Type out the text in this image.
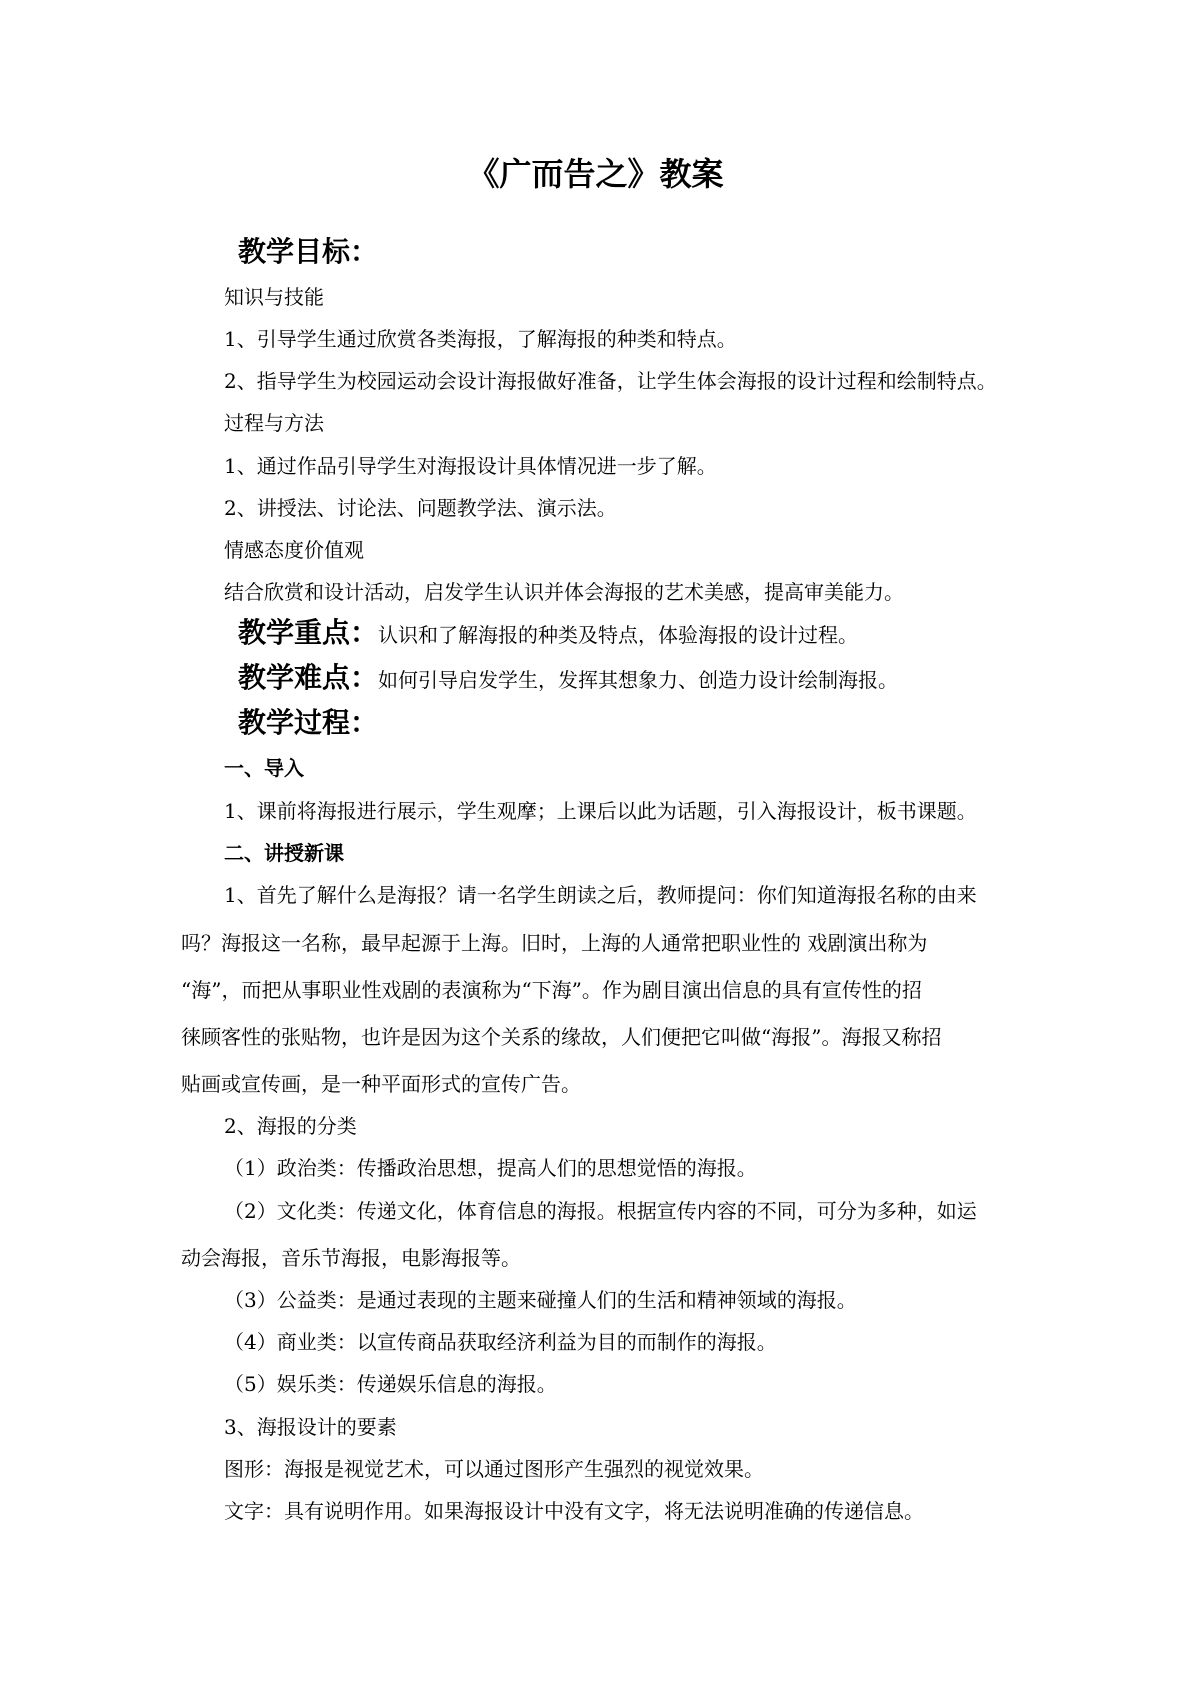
《广而告之》教案
教学目标：
知识与技能
1、引导学生通过欣赏各类海报，了解海报的种类和特点。
2、指导学生为校园运动会设计海报做好准备，让学生体会海报的设计过程和绘制特点。
过程与方法
1、通过作品引导学生对海报设计具体情况进一步了解。
2、讲授法、讨论法、问题教学法、演示法。
情感态度价值观
结合欣赏和设计活动，启发学生认识并体会海报的艺术美感，提高审美能力。
教学重点：认识和了解海报的种类及特点，体验海报的设计过程。
教学难点：如何引导启发学生，发挥其想象力、创造力设计绘制海报。
教学过程：
一、导入
1、课前将海报进行展示，学生观摩；上课后以此为话题，引入海报设计，板书课题。
二、讲授新课
1、首先了解什么是海报？请一名学生朗读之后，教师提问：你们知道海报名称的由来
吗？海报这一名称，最早起源于上海。旧时，上海的人通常把职业性的 戏剧演出称为
“海”，而把从事职业性戏剧的表演称为“下海”。作为剧目演出信息的具有宣传性的招
徕顾客性的张贴物，也许是因为这个关系的缘故，人们便把它叫做“海报”。海报又称招
贴画或宣传画，是一种平面形式的宣传广告。
2、海报的分类
（1）政治类：传播政治思想，提高人们的思想觉悟的海报。
（2）文化类：传递文化，体育信息的海报。根据宣传内容的不同，可分为多种，如运
动会海报，音乐节海报，电影海报等。
（3）公益类：是通过表现的主题来碰撞人们的生活和精神领域的海报。
（4）商业类：以宣传商品获取经济利益为目的而制作的海报。
（5）娱乐类：传递娱乐信息的海报。
3、海报设计的要素
图形：海报是视觉艺术，可以通过图形产生强烈的视觉效果。
文字：具有说明作用。如果海报设计中没有文字，将无法说明准确的传递信息。
